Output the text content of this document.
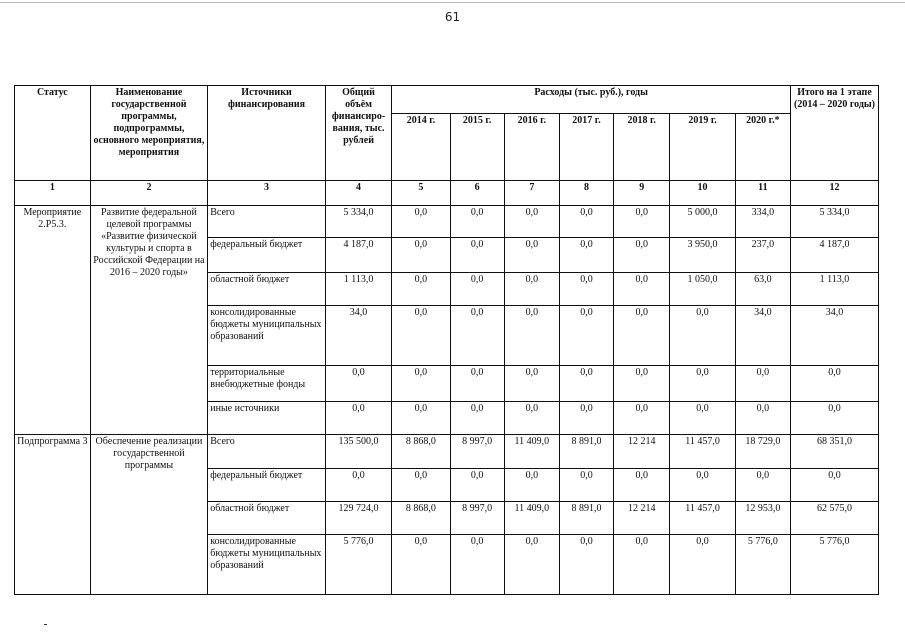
61
Статус	Наименование государственной программы, подпрограммы, основного мероприятия, мероприятия	Источники финансирования	Общий объём финансиро-вания, тыс. рублей	Расходы (тыс. руб.), годы							Итого на 1 этапе (2014 – 2020 годы)
				2014 г.	2015 г.	2016 г.	2017 г.	2018 г.	2019 г.	2020 г.*	
1	2	3	4	5	6	7	8	9	10	11	12
Мероприятие 2.Р5.3.	Развитие федеральной целевой программы «Развитие физической культуры и спорта в Российской Федерации на 2016 – 2020 годы»	Всего	5 334,0	0,0	0,0	0,0	0,0	0,0	5 000,0	334,0	5 334,0
		федеральный бюджет	4 187,0	0,0	0,0	0,0	0,0	0,0	3 950,0	237,0	4 187,0
		областной бюджет	1 113,0	0,0	0,0	0,0	0,0	0,0	1 050,0	63,0	1 113,0
		консолидированные бюджеты муниципальных образований	34,0	0,0	0,0	0,0	0,0	0,0	0,0	34,0	34,0
		территориальные внебюджетные фонды	0,0	0,0	0,0	0,0	0,0	0,0	0,0	0,0	0,0
		иные источники	0,0	0,0	0,0	0,0	0,0	0,0	0,0	0,0	0,0
Подпрограмма 3	Обеспечение реализации государственной программы	Всего	135 500,0	8 868,0	8 997,0	11 409,0	8 891,0	12 214	11 457,0	18 729,0	68 351,0
		федеральный бюджет	0,0	0,0	0,0	0,0	0,0	0,0	0,0	0,0	0,0
		областной бюджет	129 724,0	8 868,0	8 997,0	11 409,0	8 891,0	12 214	11 457,0	12 953,0	62 575,0
		консолидированные бюджеты муниципальных образований	5 776,0	0,0	0,0	0,0	0,0	0,0	0,0	5 776,0	5 776,0
